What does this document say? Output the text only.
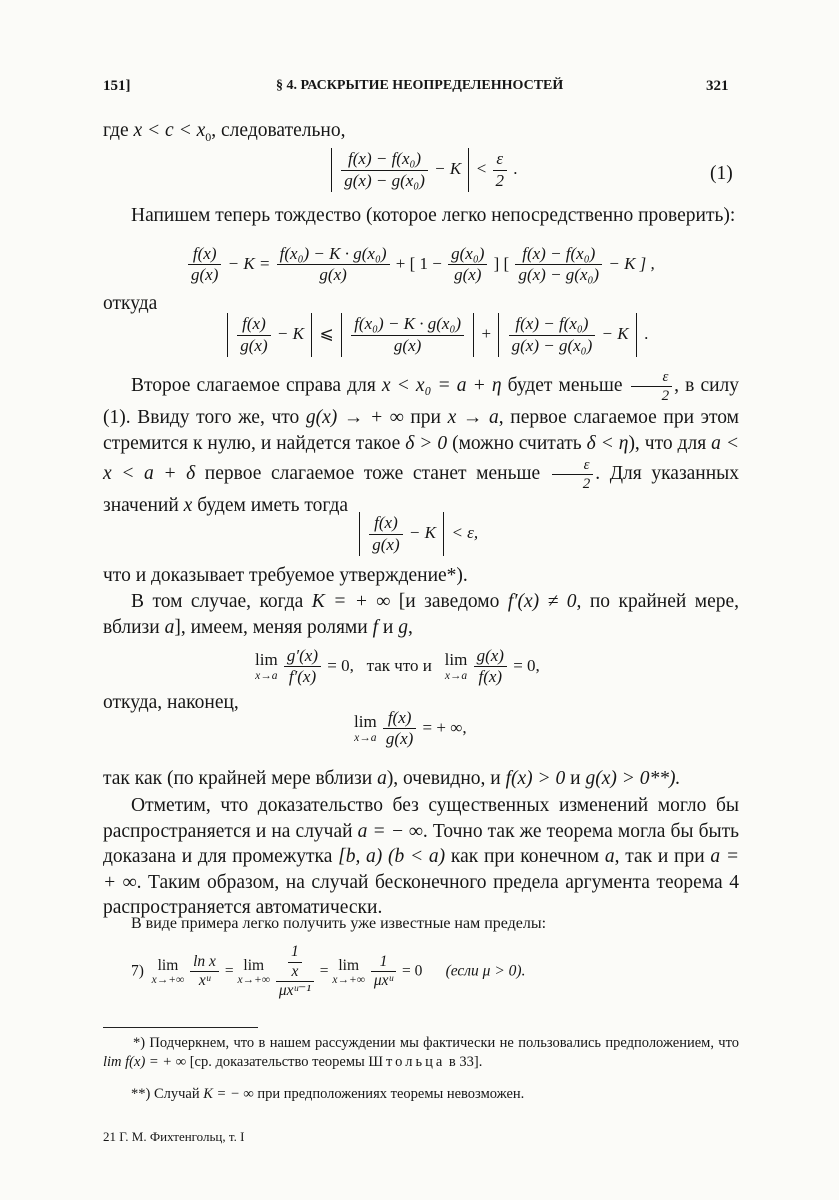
151]	§ 4. РАСКРЫТИЕ НЕОПРЕДЕЛЕННОСТЕЙ	321
где $x < c < x_0$, следовательно,

$\frac{\text{f(x) − f(x₀)}}{\text{g(x) − g(x₀)}} - K < \frac{\varepsilon}{2}$ .	(1)
Напишем теперь тождество (которое легко непосредственно проверить):
$\frac{f(x)}{g(x)} - K = \frac{\text{f(x₀) − K · g(x₀)}}{g(x)}$ + [ $1 - \frac{\text{g(x₀)}}{g(x)}$ ] [ $\frac{\text{f(x) − f(x₀)}}{\text{g(x) − g(x₀)}} - K$ ] ,
откуда

$\frac{f(x)}{g(x)} - K$ ⩽ $\frac{\text{f(x₀) − K · g(x₀)}}{g(x)} + \frac{\text{f(x) − f(x₀)}}{\text{g(x) − g(x₀)}} - K$ .
Второе слагаемое справа для x < x₀ = a + η будет меньше $\frac{\varepsilon}{2}$ , в силу (1). Ввиду того же, что g(x) → + ∞ при x → a, первое слагаемое при этом стремится к нулю, и найдется такое δ > 0 (можно считать δ < η), что для a < x < a + δ первое слагаемое тоже станет меньше $\frac{\varepsilon}{2}$ . Для указанных значений x будем иметь тогда

$\frac{f(x)}{g(x)} - K < \varepsilon$,
что и доказывает требуемое утверждение*).
В том случае, когда K = + ∞ [и заведомо f′(x) ≠ 0, по крайней мере, вблизи a], имеем, меняя ролями f и g,
lim
x→a
$\frac{g'(x)}{f'(x)} = 0$, так что и lim
x→a
$\frac{g(x)}{f(x)} = 0$,
откуда, наконец,
lim
x→a
$\frac{f(x)}{g(x)}$ = + ∞,
так как (по крайней мере вблизи a), очевидно, и f(x) > 0 и g(x) > 0**).
Отметим, что доказательство без существенных изменений могло бы распространяется и на случай a = − ∞. Точно так же теорема могла бы быть доказана и для промежутка [b, a) (b < a) как при конечном a, так и при a = + ∞. Таким образом, на случай бесконечного предела аргумента теорема 4 распространяется автоматически.
В виде примера легко получить уже известные нам пределы:
7) lim
x→+∞
$\frac{\text{ln x}}{\text{xᵘ}} = \lim$
x→+∞
$\frac{\frac{1}{x}}{\text{μxᵘ⁻¹}} = \lim$
x→+∞
$\frac{1}{\text{μxᵘ}} = 0$ (если μ > 0).
*) Подчеркнем, что в нашем рассуждении мы фактически не пользовались предположением, что lim f(x) = + ∞ [ср. доказательство теоремы Штольца в 33].
**) Случай K = − ∞ при предположениях теоремы невозможен.
21 Г. М. Фихтенгольц, т. I
